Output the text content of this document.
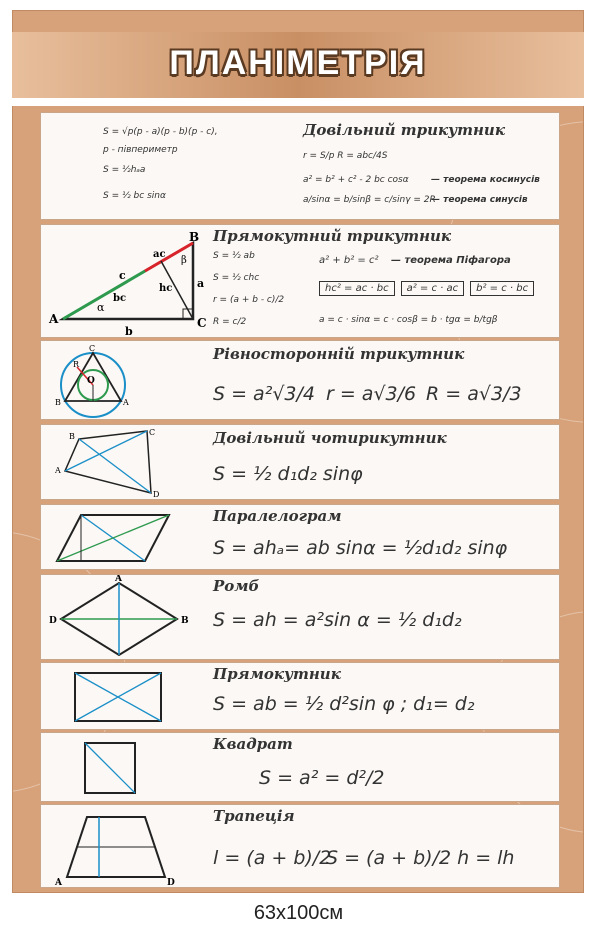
ПЛАНІМЕТРІЯ
Довільний трикутник
S = √p(p - a)(p - b)(p - c),
p - півпериметр
S = ½hₐa
S = ½ bc sinα
r = S/p R = abc/4S
a² = b² + c² - 2 bc cosα — теорема косинусів
a/sinα = b/sinβ = c/sinγ = 2R
— теорема синусів
A	C
B
c
b
a
α
bc
ac
hc
β
Прямокутний трикутник
S = ½ ab
S = ½ chc
r = (a + b - c)/2
R = c/2
a² + b² = c² — теорема Піфагора
hc² = ac · bc a² = c · ac b² = c · bc
a = c · sinα = c · cosβ = b · tgα = b/tgβ
C
B	A
O
R
Рівносторонній трикутник
S = a²√3/4 r = a√3/6 R = a√3/3
B	C
D
A
Довільний чотирикутник
S = ½ d₁d₂ sinφ
Паралелограм
S = ahₐ= ab sinα = ½d₁d₂ sinφ
D	B
A	Ромб
S = ah = a²sin α = ½ d₁d₂
Прямокутник
S = ab = ½ d²sin φ ; d₁= d₂
Квадрат
S = a² = d²/2
A	D
Трапеція
l = (a + b)/2
S = (a + b)/2 h = lh
63x100см
